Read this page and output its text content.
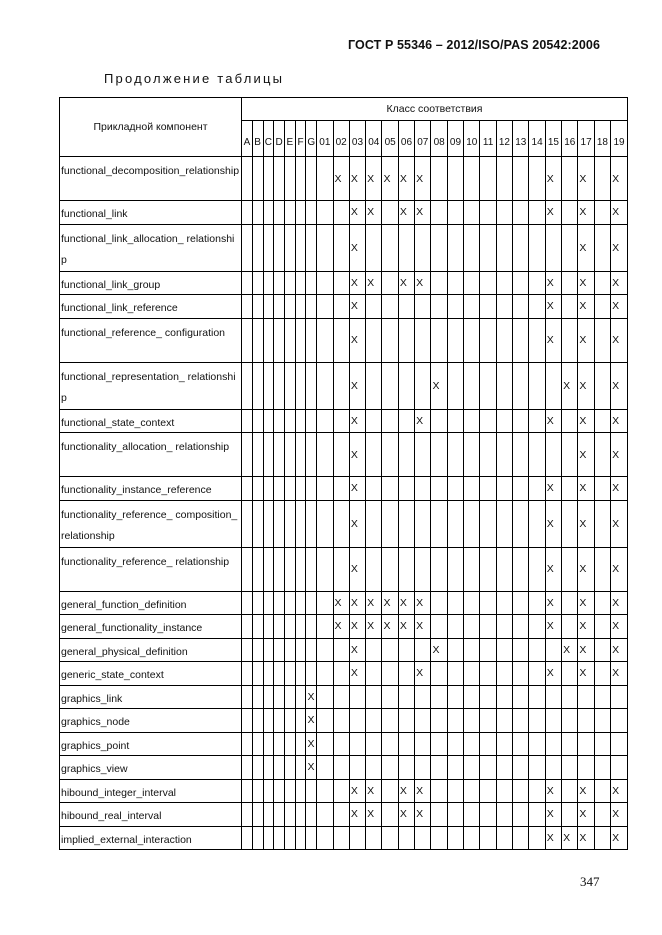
ГОСТ Р 55346 – 2012/ISO/PAS 20542:2006
Продолжение таблицы
Прикладной компонент	Класс соответствия																									
	A	B	C	D	E	F	G	01	02	03	04	05	06	07	08	09	10	11	12	13	14	15	16	17	18	19
functional_decomposition_relationship									X	X	X	X	X	X								X		X		X
functional_link										X	X		X	X								X		X		X
functional_link_allocation_ relationship										X														X		X
functional_link_group										X	X		X	X								X		X		X
functional_link_reference										X												X		X		X
functional_reference_ configuration										X												X		X		X
functional_representation_ relationship										X					X								X	X		X
functional_state_context										X				X								X		X		X
functionality_allocation_ relationship										X														X		X
functionality_instance_reference										X												X		X		X
functionality_reference_ composition_relationship										X												X		X		X
functionality_reference_ relationship										X												X		X		X
general_function_definition									X	X	X	X	X	X								X		X		X
general_functionality_instance									X	X	X	X	X	X								X		X		X
general_physical_definition										X					X								X	X		X
generic_state_context										X				X								X		X		X
graphics_link							X																			
graphics_node							X																			
graphics_point							X																			
graphics_view							X																			
hibound_integer_interval										X	X		X	X								X		X		X
hibound_real_interval										X	X		X	X								X		X		X
implied_external_interaction																						X	X	X		X
347
